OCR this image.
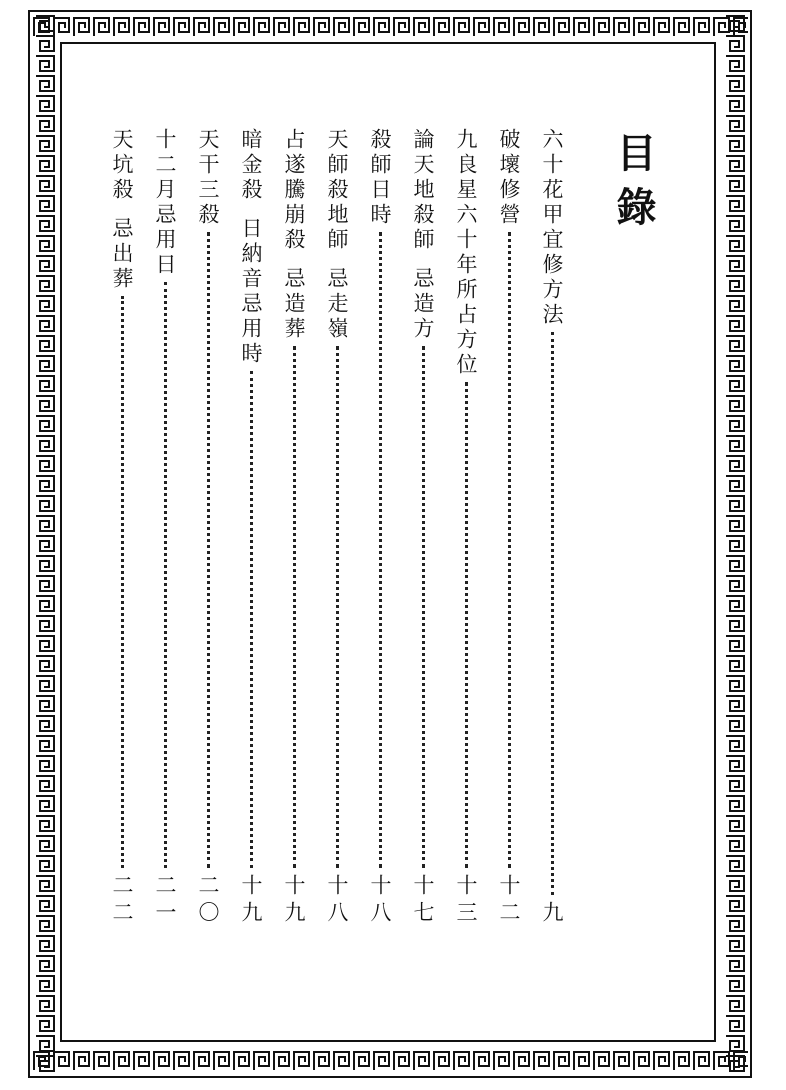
目錄
六十花甲宜修方法
九
破壞修營
十二
九良星六十年所占方位
十三
論天地殺師
忌造方
十七
殺師日時
十八
天師殺地師
忌走嶺
十八
占遂騰崩殺
忌造葬
十九
暗金殺
日納音忌用時
十九
天干三殺
二〇
十二月忌用日
二一
天坑殺
忌出葬
二二
